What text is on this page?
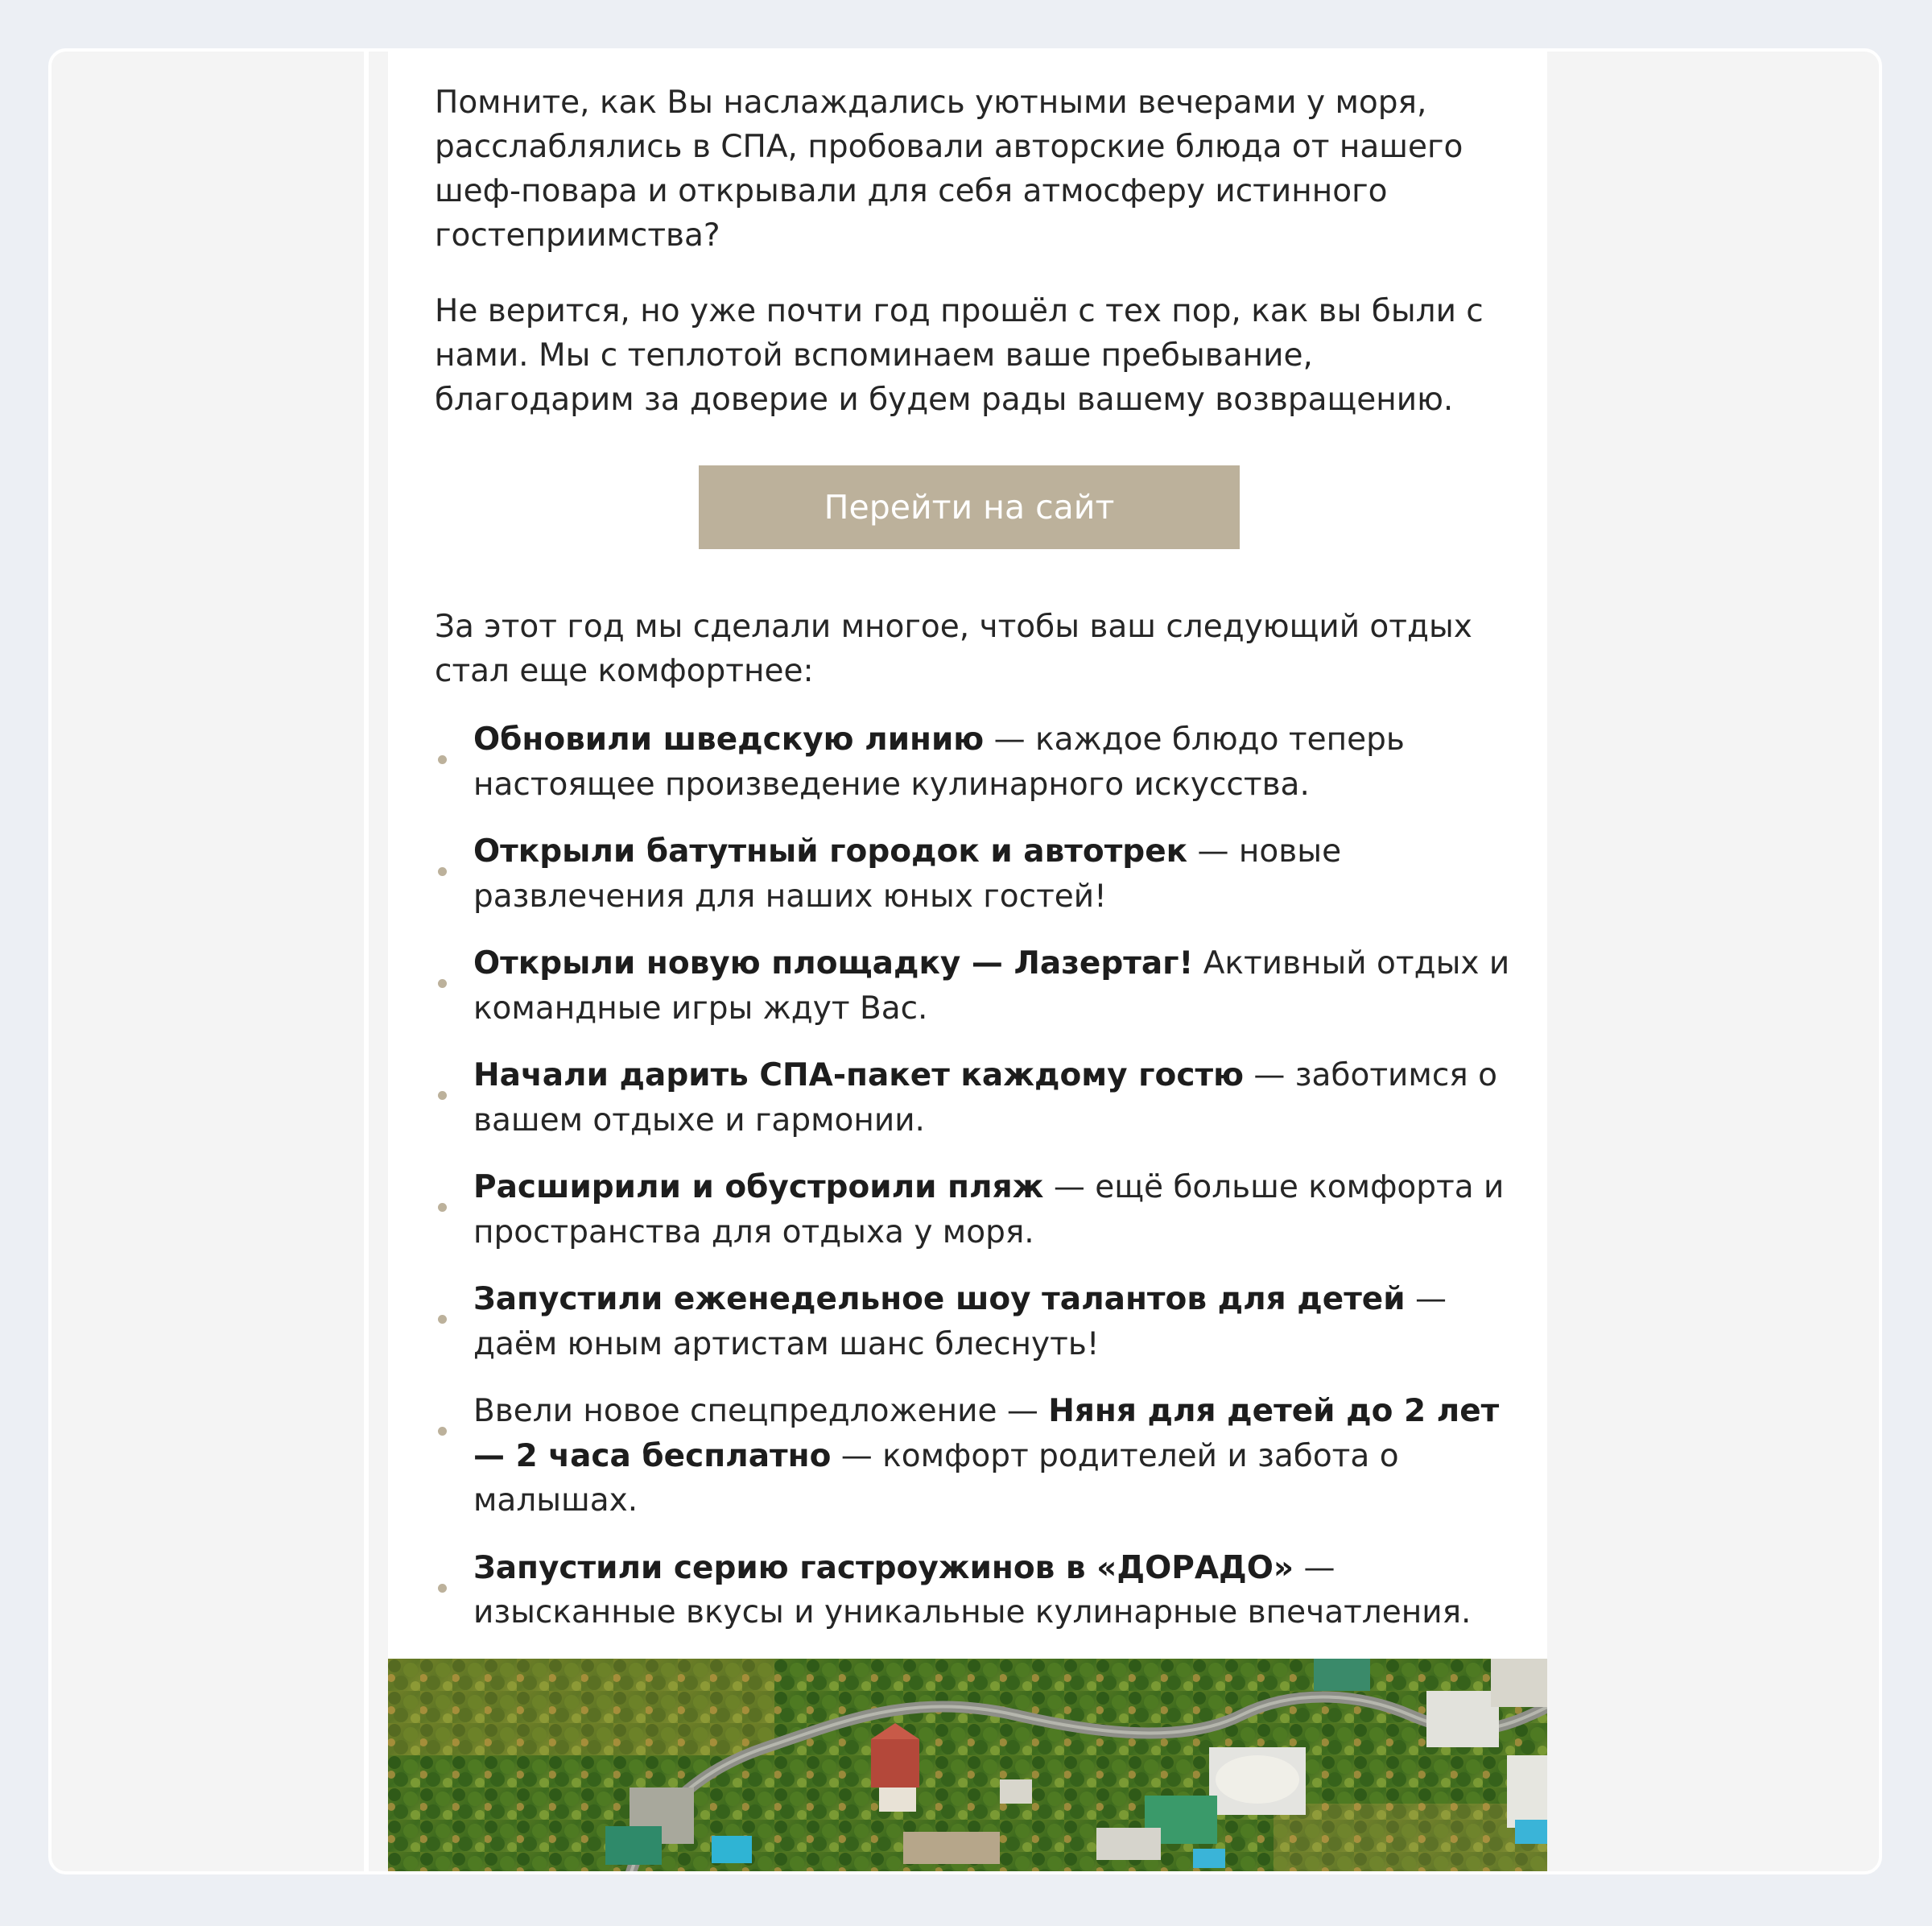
Помните, как Вы наслаждались уютными вечерами у моря, расслаблялись в СПА, пробовали авторские блюда от нашего шеф-повара и открывали для себя атмосферу истинного гостеприимства?

Не верится, но уже почти год прошёл с тех пор, как вы были с нами. Мы с теплотой вспоминаем ваше пребывание, благодарим за доверие и будем рады вашему возвращению.

Перейти на сайт

За этот год мы сделали многое, чтобы ваш следующий отдых стал еще комфортнее:

Обновили шведскую линию — каждое блюдо теперь настоящее произведение кулинарного искусства.
Открыли батутный городок и автотрек — новые развлечения для наших юных гостей!
Открыли новую площадку — Лазертаг! Активный отдых и командные игры ждут Вас.
Начали дарить СПА-пакет каждому гостю — заботимся о вашем отдыхе и гармонии.
Расширили и обустроили пляж — ещё больше комфорта и пространства для отдыха у моря.
Запустили еженедельное шоу талантов для детей — даём юным артистам шанс блеснуть!
Ввели новое спецпредложение — Няня для детей до 2 лет — 2 часа бесплатно — комфорт родителей и забота о малышах.
Запустили серию гастроужинов в «ДОРАДО» — изысканные вкусы и уникальные кулинарные впечатления.
